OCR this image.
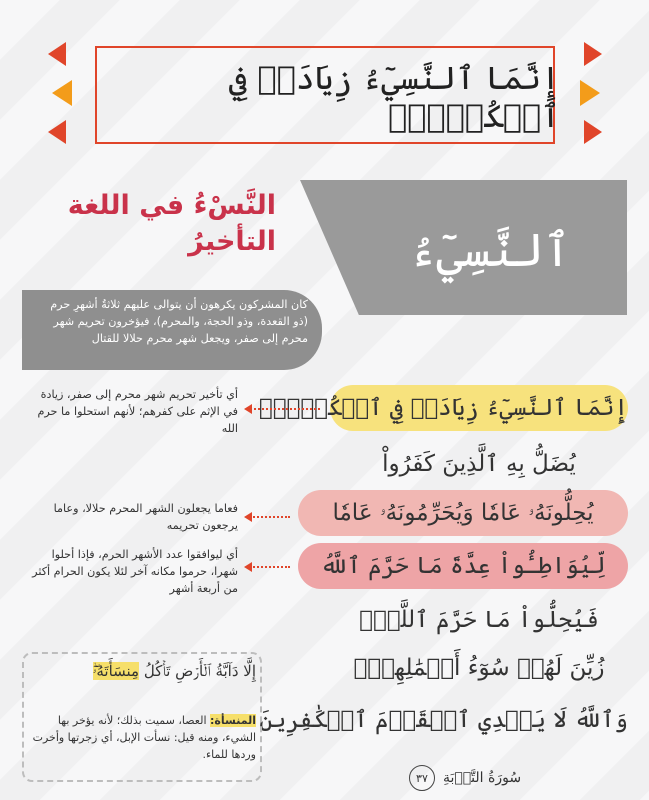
إِنَّمَا ٱلنَّسِيٓءُ زِيَادَةٞ فِي ٱلۡكُفۡرِۖ
ٱلنَّسِيٓءُ
النَّسْءُ في اللغة
التأخيرُ
كان المشركون يكرهون أن يتوالى عليهم ثلاثةُ أشهرِ حرم (ذو القعدة، وذو الحجة، والمحرم)، فيؤخرون تحريم شهر محرم إلى صفر، ويجعل شهر محرم حلالا للقتال
إِنَّمَا ٱلنَّسِيٓءُ زِيَادَةٞ فِي ٱلۡكُفۡرِۖ
يُضَلُّ بِهِ ٱلَّذِينَ كَفَرُواْ
يُحِلُّونَهُۥ عَامٗا وَيُحَرِّمُونَهُۥ عَامٗا
لِّيُوَاطِـُٔواْ عِدَّةَ مَا حَرَّمَ ٱللَّهُ
فَيُحِلُّواْ مَا حَرَّمَ ٱللَّهُۚ
زُيِّنَ لَهُمۡ سُوٓءُ أَعۡمَٰلِهِمۡۗ
وَٱللَّهُ لَا يَهۡدِي ٱلۡقَوۡمَ ٱلۡكَٰفِرِينَ
أي تأخير تحريم شهر محرم إلى صفر، زيادة في الإثم على كفرهم؛ لأنهم استحلوا ما حرم الله
فعاما يجعلون الشهر المحرم حلالا، وعاما يرجعون تحريمه
أي ليوافقوا عدد الأشهر الحرم، فإذا أحلوا شهرا، حرموا مكانه آخر لئلا يكون الحرام أكثر من أربعة أشهر
إِلَّا دَآبَّةُ ٱلۡأَرۡضِ تَأۡكُلُ مِنسَأَتَهُۥۖ
المنسأة: العصا، سميت بذلك؛ لأنه يؤخر بها الشيء، ومنه قيل: نسأت الإبل، أي زجرتها وأخرت وردها للماء.
سُورَةُ التَّوۡبَةِ
٣٧
